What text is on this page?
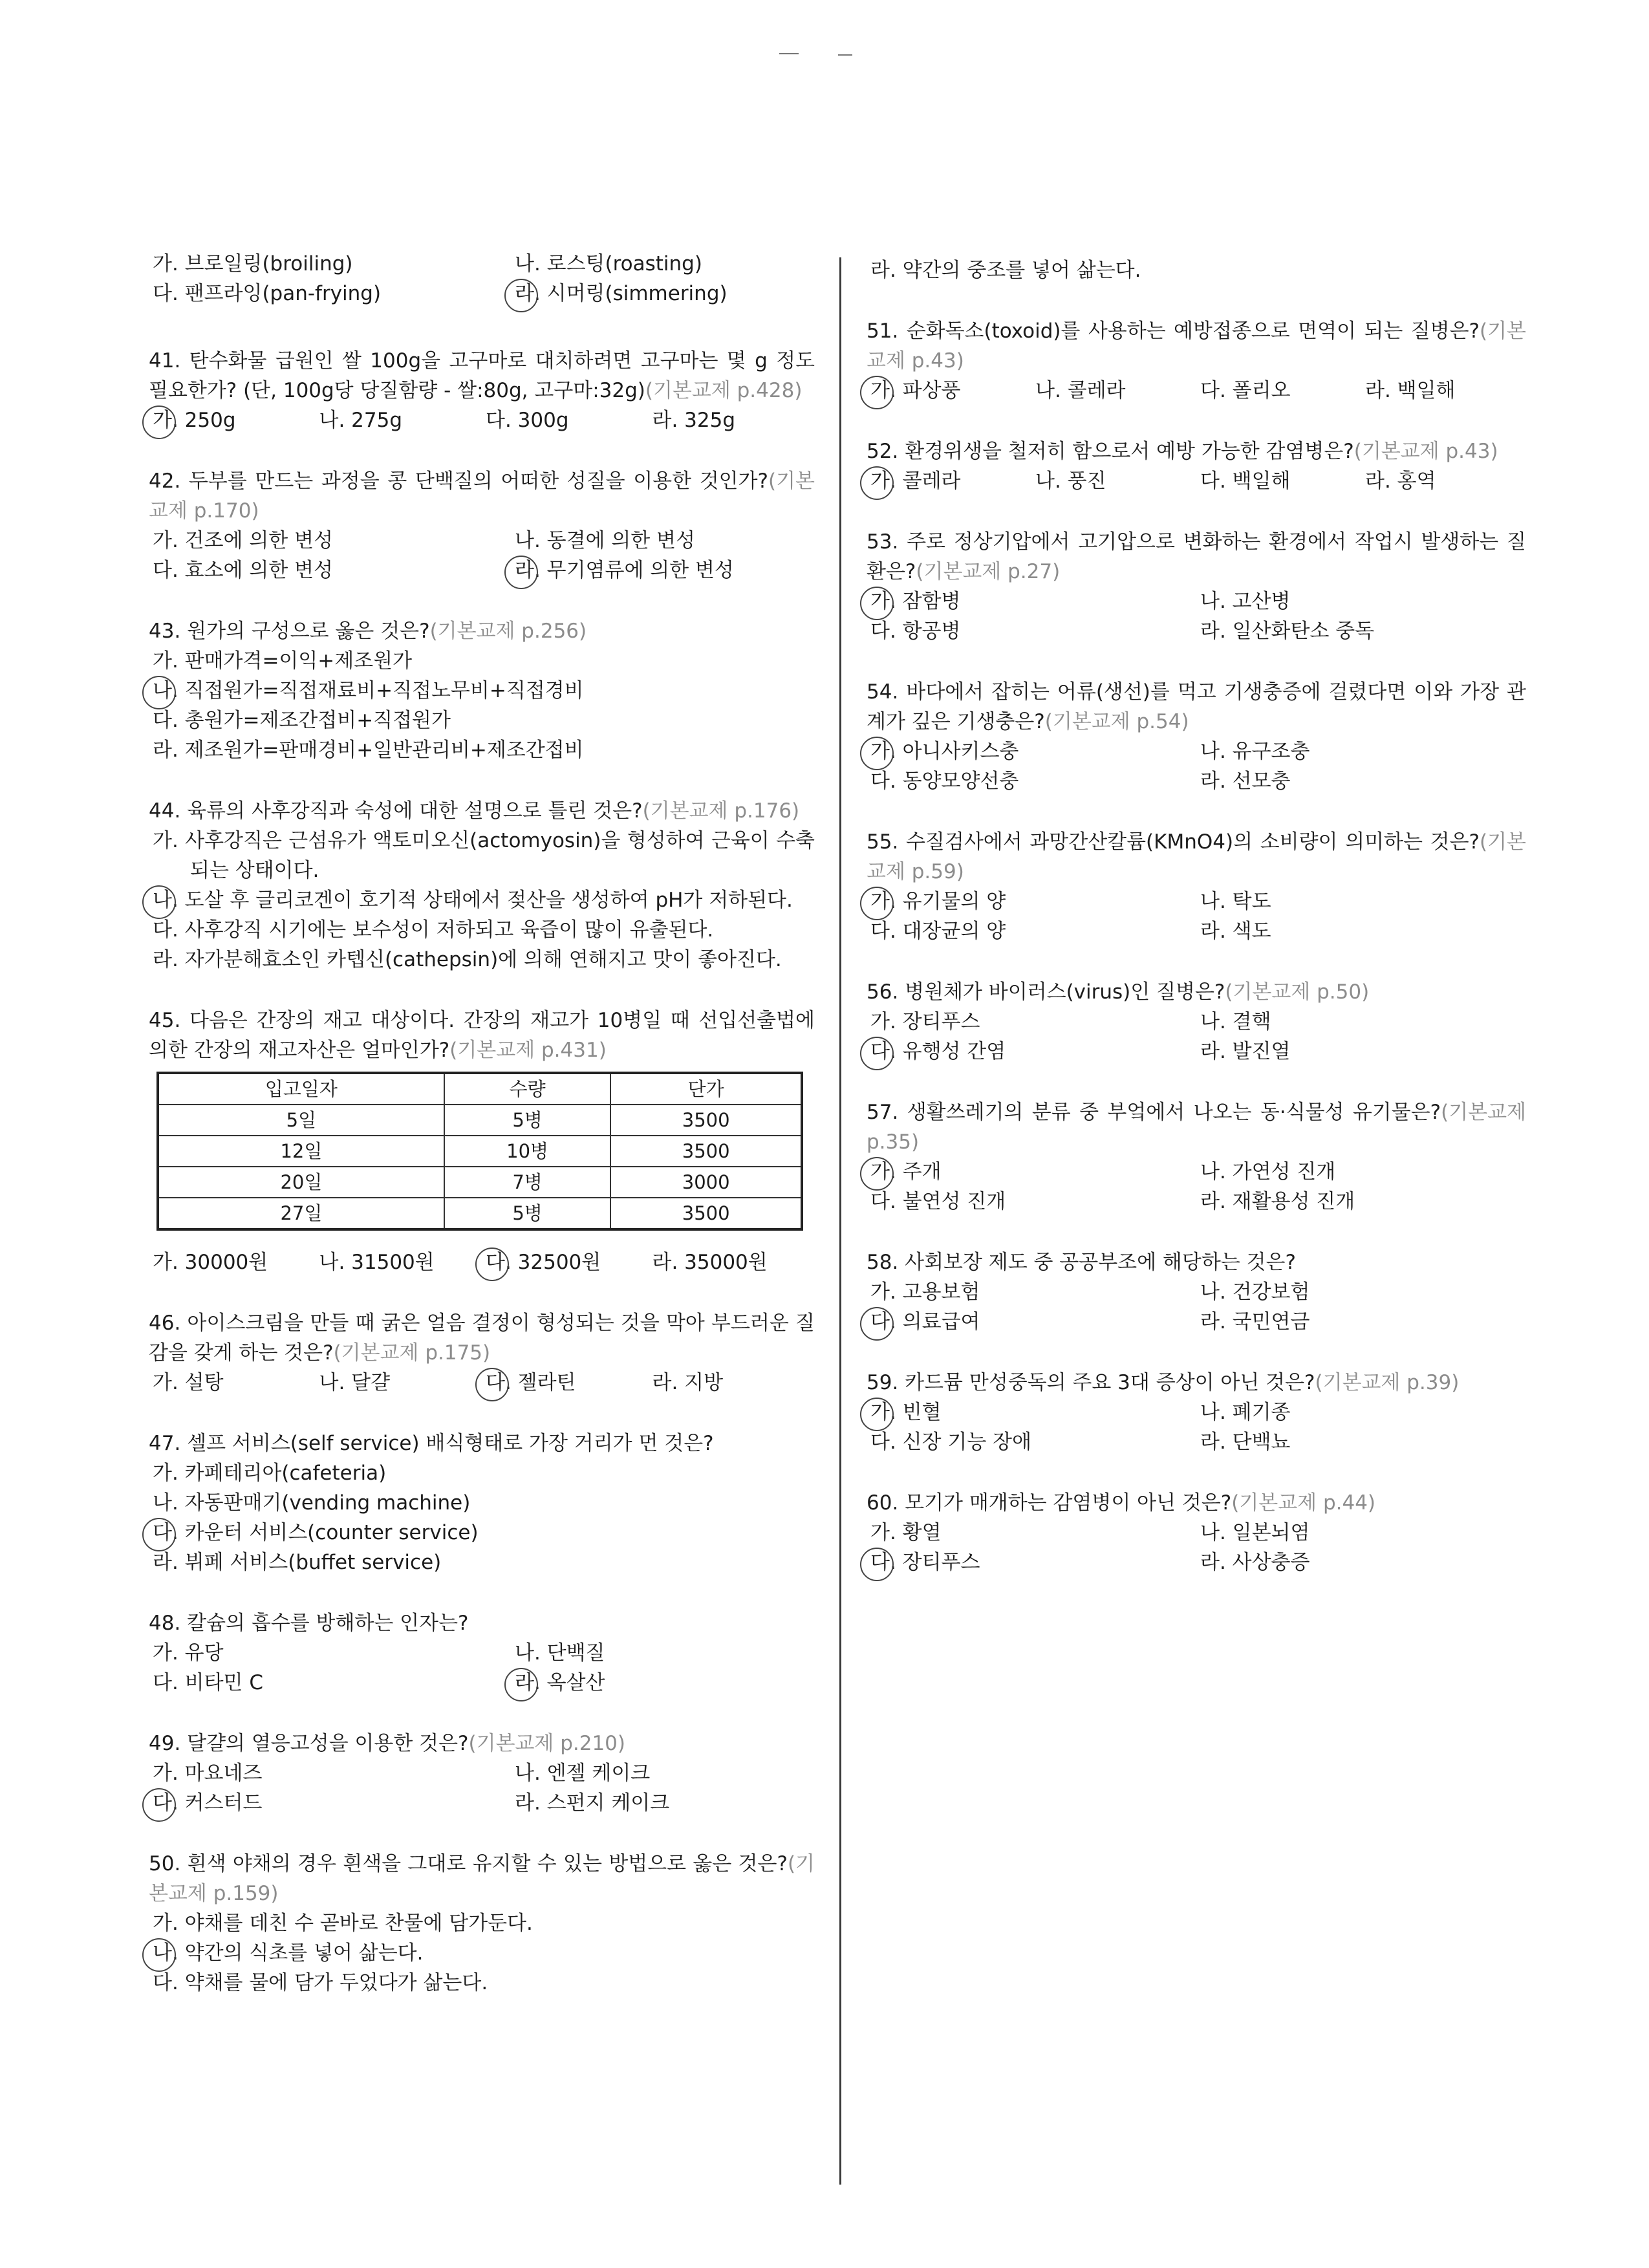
가. 브로일링(broiling)	나. 로스팅(roasting)
다. 팬프라잉(pan-frying)	라. 시머링(simmering)
41. 탄수화물 급원인 쌀 100g을 고구마로 대치하려면 고구마는 몇 g 정도 필요한가? (단, 100g당 당질함량 - 쌀:80g, 고구마:32g)(기본교제 p.428)
가. 250g	나. 275g	다. 300g	라. 325g
42. 두부를 만드는 과정을 콩 단백질의 어떠한 성질을 이용한 것인가?(기본교제 p.170)
가. 건조에 의한 변성	나. 동결에 의한 변성
다. 효소에 의한 변성	라. 무기염류에 의한 변성
43. 원가의 구성으로 옳은 것은?(기본교제 p.256)
가. 판매가격=이익+제조원가
나. 직접원가=직접재료비+직접노무비+직접경비
다. 총원가=제조간접비+직접원가
라. 제조원가=판매경비+일반관리비+제조간접비
44. 육류의 사후강직과 숙성에 대한 설명으로 틀린 것은?(기본교제 p.176)
가. 사후강직은 근섬유가 액토미오신(actomyosin)을 형성하여 근육이 수축되는 상태이다.
나. 도살 후 글리코겐이 호기적 상태에서 젖산을 생성하여 pH가 저하된다.
다. 사후강직 시기에는 보수성이 저하되고 육즙이 많이 유출된다.
라. 자가분해효소인 카텝신(cathepsin)에 의해 연해지고 맛이 좋아진다.
45. 다음은 간장의 재고 대상이다. 간장의 재고가 10병일 때 선입선출법에 의한 간장의 재고자산은 얼마인가?(기본교제 p.431)
입고일자	수량	단가
5일	5병	3500
12일	10병	3500
20일	7병	3000
27일	5병	3500
가. 30000원	나. 31500원	다. 32500원	라. 35000원
46. 아이스크림을 만들 때 굵은 얼음 결정이 형성되는 것을 막아 부드러운 질감을 갖게 하는 것은?(기본교제 p.175)
가. 설탕	나. 달걀	다. 젤라틴	라. 지방
47. 셀프 서비스(self service) 배식형태로 가장 거리가 먼 것은?
가. 카페테리아(cafeteria)
나. 자동판매기(vending machine)
다. 카운터 서비스(counter service)
라. 뷔페 서비스(buffet service)
48. 칼슘의 흡수를 방해하는 인자는?
가. 유당	나. 단백질
다. 비타민 C	라. 옥살산
49. 달걀의 열응고성을 이용한 것은?(기본교제 p.210)
가. 마요네즈	나. 엔젤 케이크
다. 커스터드	라. 스펀지 케이크
50. 흰색 야채의 경우 흰색을 그대로 유지할 수 있는 방법으로 옳은 것은?(기본교제 p.159)
가. 야채를 데친 수 곧바로 찬물에 담가둔다.
나. 약간의 식초를 넣어 삶는다.
다. 약채를 물에 담가 두었다가 삶는다.
라. 약간의 중조를 넣어 삶는다.
51. 순화독소(toxoid)를 사용하는 예방접종으로 면역이 되는 질병은?(기본교제 p.43)
가. 파상풍	나. 콜레라	다. 폴리오	라. 백일해
52. 환경위생을 철저히 함으로서 예방 가능한 감염병은?(기본교제 p.43)
가. 콜레라	나. 풍진	다. 백일해	라. 홍역
53. 주로 정상기압에서 고기압으로 변화하는 환경에서 작업시 발생하는 질환은?(기본교제 p.27)
가. 잠함병	나. 고산병
다. 항공병	라. 일산화탄소 중독
54. 바다에서 잡히는 어류(생선)를 먹고 기생충증에 걸렸다면 이와 가장 관계가 깊은 기생충은?(기본교제 p.54)
가. 아니사키스충	나. 유구조충
다. 동양모양선충	라. 선모충
55. 수질검사에서 과망간산칼륨(KMnO4)의 소비량이 의미하는 것은?(기본교제 p.59)
가. 유기물의 양	나. 탁도
다. 대장균의 양	라. 색도
56. 병원체가 바이러스(virus)인 질병은?(기본교제 p.50)
가. 장티푸스	나. 결핵
다. 유행성 간염	라. 발진열
57. 생활쓰레기의 분류 중 부엌에서 나오는 동·식물성 유기물은?(기본교제 p.35)
가. 주개	나. 가연성 진개
다. 불연성 진개	라. 재활용성 진개
58. 사회보장 제도 중 공공부조에 해당하는 것은?
가. 고용보험	나. 건강보험
다. 의료급여	라. 국민연금
59. 카드뮴 만성중독의 주요 3대 증상이 아닌 것은?(기본교제 p.39)
가. 빈혈	나. 폐기종
다. 신장 기능 장애	라. 단백뇨
60. 모기가 매개하는 감염병이 아닌 것은?(기본교제 p.44)
가. 황열	나. 일본뇌염
다. 장티푸스	라. 사상충증
